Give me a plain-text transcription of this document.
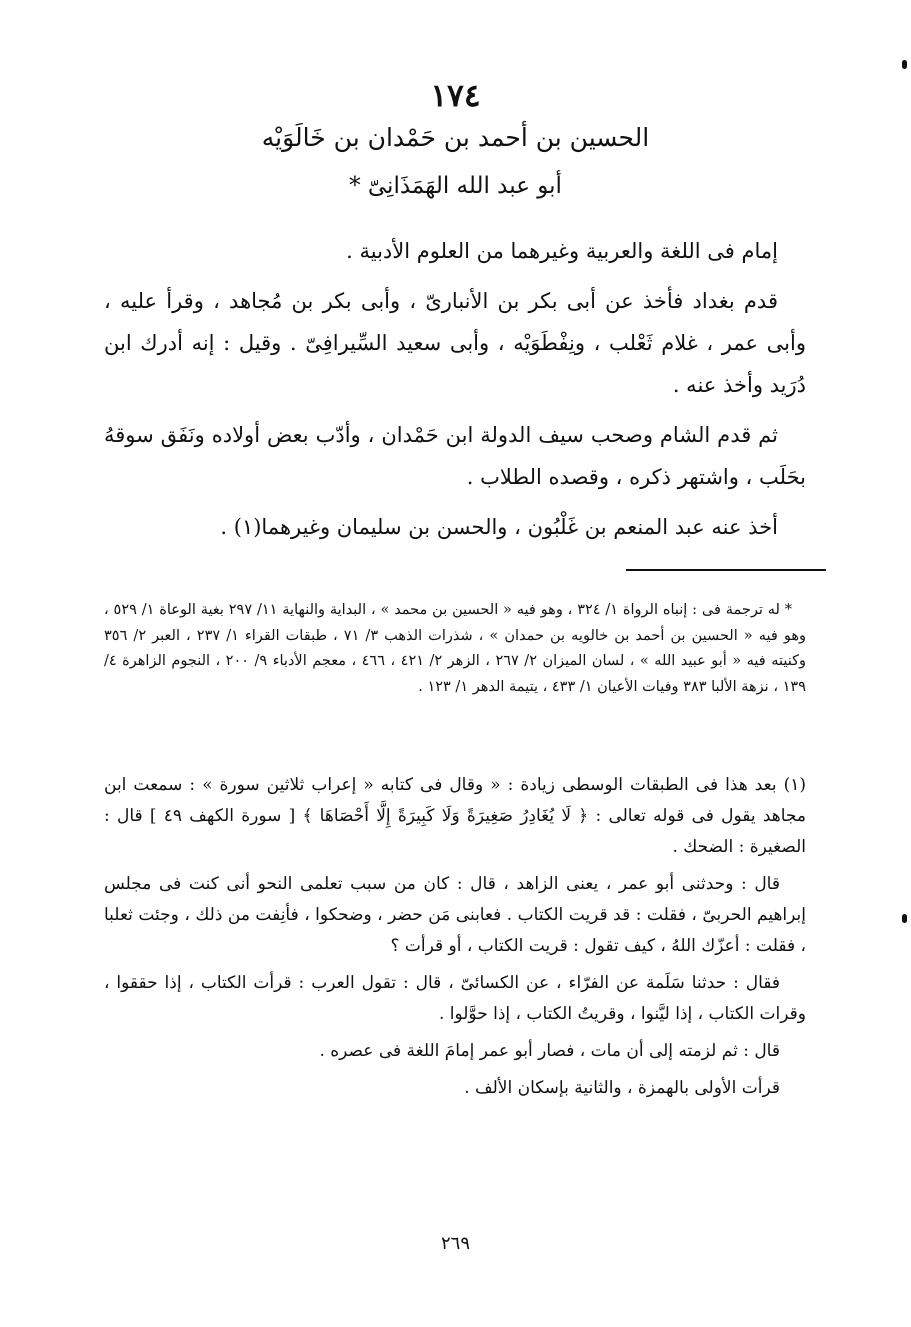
١٧٤
الحسين بن أحمد بن حَمْدان بن خَالَوَيْه
أبو عبد الله الهَمَذَانِىّ *

إمام فى اللغة والعربية وغيرهما من العلوم الأدبية .

قدم بغداد فأخذ عن أبى بكر بن الأنبارىّ ، وأبى بكر بن مُجاهد ، وقرأ عليه ، وأبى عمر ، غلام ثَعْلب ، ونِفْطَوَيْه ، وأبى سعيد السِّيرافِىّ . وقيل : إنه أدرك ابن دُرَيد وأخذ عنه .

ثم قدم الشام وصحب سيف الدولة ابن حَمْدان ، وأدّب بعض أولاده ونَفَق سوقهُ بحَلَب ، واشتهر ذكره ، وقصده الطلاب .

أخذ عنه عبد المنعم بن غَلْبُون ، والحسن بن سليمان وغيرهما(١) .

* له ترجمة فى : إنباه الرواة ١/ ٣٢٤ ، وهو فيه « الحسين بن محمد » ، البداية والنهاية ١١/ ٢٩٧ بغية الوعاة ١/ ٥٢٩ ، وهو فيه « الحسين بن أحمد بن خالويه بن حمدان » ، شذرات الذهب ٣/ ٧١ ، طبقات القراء ١/ ٢٣٧ ، العبر ٢/ ٣٥٦ وكنيته فيه « أبو عبيد الله » ، لسان الميزان ٢/ ٢٦٧ ، الزهر ٢/ ٤٢١ ، ٤٦٦ ، معجم الأدباء ٩/ ٢٠٠ ، النجوم الزاهرة ٤/ ١٣٩ ، نزهة الألبا ٣٨٣ وفيات الأعيان ١/ ٤٣٣ ، يتيمة الدهر ١/ ١٢٣ .

(١) بعد هذا فى الطبقات الوسطى زيادة : « وقال فى كتابه « إعراب ثلاثين سورة » : سمعت ابن مجاهد يقول فى قوله تعالى : ﴿ لَا يُغَادِرُ صَغِيرَةً وَلَا كَبِيرَةً إِلَّا أَحْصَاهَا ﴾ [ سورة الكهف ٤٩ ] قال : الصغيرة : الضحك .

قال : وحدثنى أبو عمر ، يعنى الزاهد ، قال : كان من سبب تعلمى النحو أنى كنت فى مجلس إبراهيم الحربىّ ، فقلت : قد قريت الكتاب . فعابنى مَن حضر ، وضحكوا ، فأنِفت من ذلك ، وجئت ثعلبا ، فقلت : أعزّك اللهُ ، كيف تقول : قريت الكتاب ، أو قرأت ؟

فقال : حدثنا سَلَمة عن الفرّاء ، عن الكسائىّ ، قال : تقول العرب : قرأت الكتاب ، إذا حققوا ، وقرات الكتاب ، إذا ليَّنوا ، وقريتُ الكتاب ، إذا حوَّلوا .

قال : ثم لزمته إلى أن مات ، فصار أبو عمر إمامَ اللغة فى عصره .

قرأت الأولى بالهمزة ، والثانية بإسكان الألف .

٢٦٩
